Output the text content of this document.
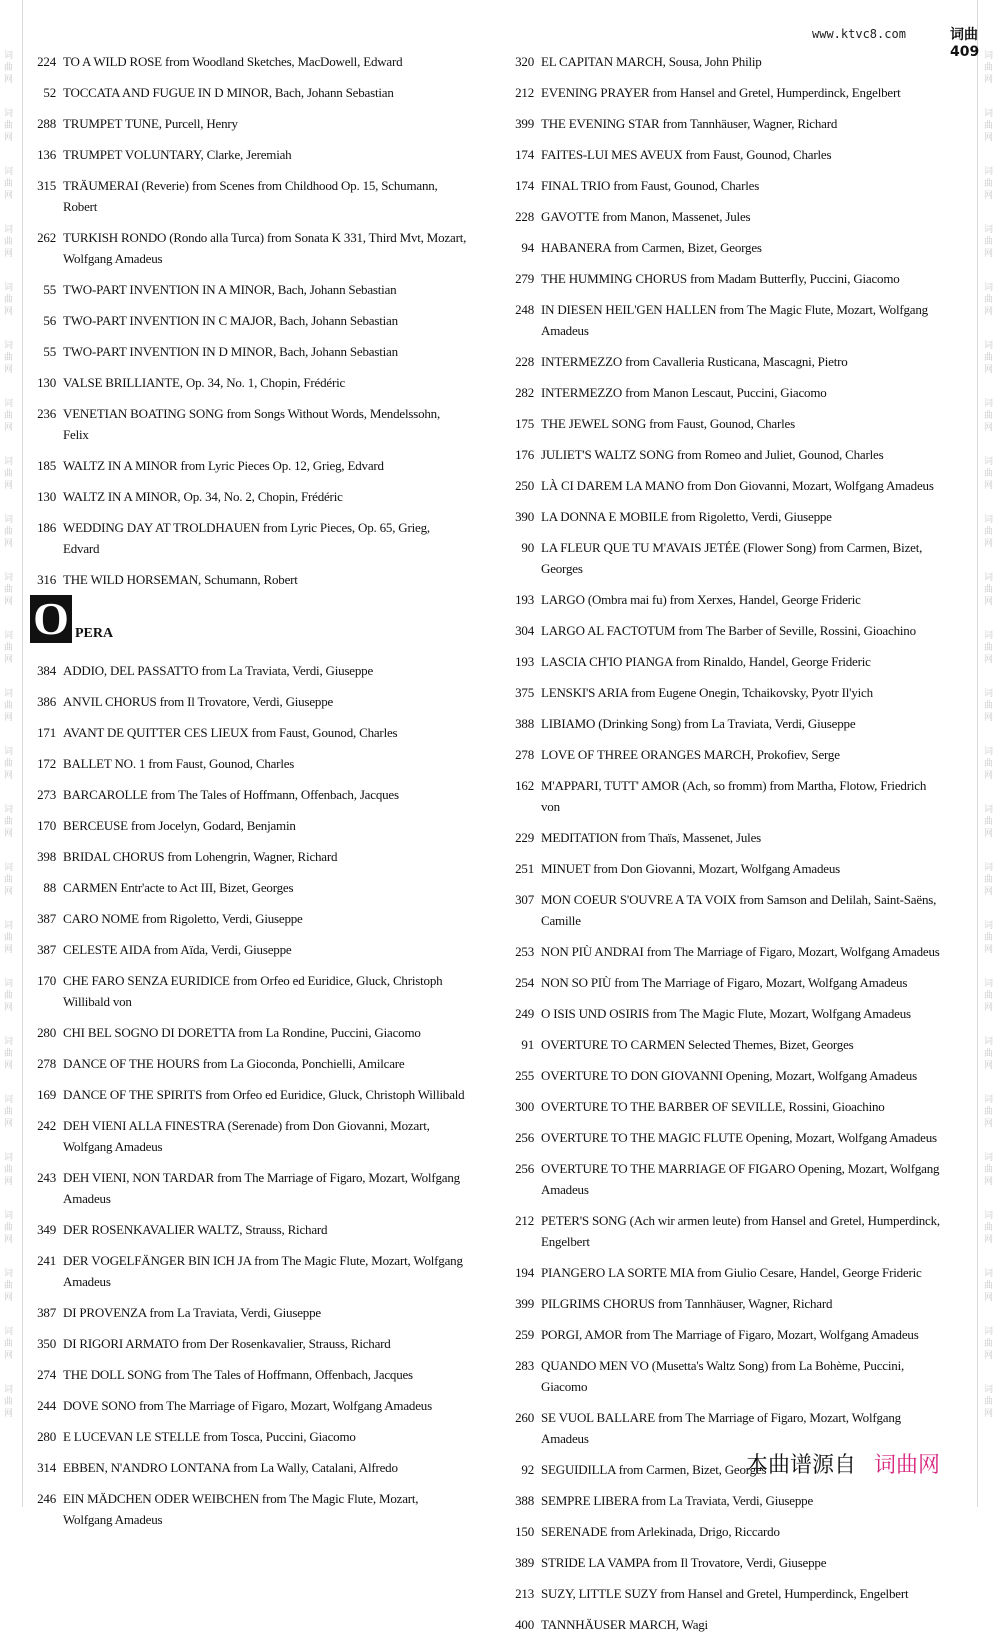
词曲网
词曲网
词曲网
词曲网
词曲网
词曲网
词曲网
词曲网
词曲网
词曲网
词曲网
词曲网
词曲网
词曲网
词曲网
词曲网
词曲网
词曲网
词曲网
词曲网
词曲网
词曲网
词曲网
词曲网
词曲网
词曲网
词曲网
词曲网
词曲网
词曲网
词曲网
词曲网
词曲网
词曲网
词曲网
词曲网
词曲网
词曲网
词曲网
词曲网
词曲网
词曲网
词曲网
词曲网
词曲网
词曲网
词曲网
词曲网
www.ktvc8.com	词曲409
224 TO A WILD ROSE from Woodland Sketches, MacDowell, Edward
52 TOCCATA AND FUGUE IN D MINOR, Bach, Johann Sebastian
288 TRUMPET TUNE, Purcell, Henry
136 TRUMPET VOLUNTARY, Clarke, Jeremiah
315 TRÄUMERAI (Reverie) from Scenes from Childhood Op. 15, Schumann, Robert
262 TURKISH RONDO (Rondo alla Turca) from Sonata K 331, Third Mvt, Mozart, Wolfgang Amadeus
55 TWO-PART INVENTION IN A MINOR, Bach, Johann Sebastian
56 TWO-PART INVENTION IN C MAJOR, Bach, Johann Sebastian
55 TWO-PART INVENTION IN D MINOR, Bach, Johann Sebastian
130 VALSE BRILLIANTE, Op. 34, No. 1, Chopin, Frédéric
236 VENETIAN BOATING SONG from Songs Without Words, Mendelssohn, Felix
185 WALTZ IN A MINOR from Lyric Pieces Op. 12, Grieg, Edvard
130 WALTZ IN A MINOR, Op. 34, No. 2, Chopin, Frédéric
186 WEDDING DAY AT TROLDHAUEN from Lyric Pieces, Op. 65, Grieg, Edvard
316 THE WILD HORSEMAN, Schumann, Robert
O PERA
384 ADDIO, DEL PASSATTO from La Traviata, Verdi, Giuseppe
386 ANVIL CHORUS from Il Trovatore, Verdi, Giuseppe
171 AVANT DE QUITTER CES LIEUX from Faust, Gounod, Charles
172 BALLET NO. 1 from Faust, Gounod, Charles
273 BARCAROLLE from The Tales of Hoffmann, Offenbach, Jacques
170 BERCEUSE from Jocelyn, Godard, Benjamin
398 BRIDAL CHORUS from Lohengrin, Wagner, Richard
88 CARMEN Entr'acte to Act III, Bizet, Georges
387 CARO NOME from Rigoletto, Verdi, Giuseppe
387 CELESTE AIDA from Aïda, Verdi, Giuseppe
170 CHE FARO SENZA EURIDICE from Orfeo ed Euridice, Gluck, Christoph Willibald von
280 CHI BEL SOGNO DI DORETTA from La Rondine, Puccini, Giacomo
278 DANCE OF THE HOURS from La Gioconda, Ponchielli, Amilcare
169 DANCE OF THE SPIRITS from Orfeo ed Euridice, Gluck, Christoph Willibald
242 DEH VIENI ALLA FINESTRA (Serenade) from Don Giovanni, Mozart, Wolfgang Amadeus
243 DEH VIENI, NON TARDAR from The Marriage of Figaro, Mozart, Wolfgang Amadeus
349 DER ROSENKAVALIER WALTZ, Strauss, Richard
241 DER VOGELFÄNGER BIN ICH JA from The Magic Flute, Mozart, Wolfgang Amadeus
387 DI PROVENZA from La Traviata, Verdi, Giuseppe
350 DI RIGORI ARMATO from Der Rosenkavalier, Strauss, Richard
274 THE DOLL SONG from The Tales of Hoffmann, Offenbach, Jacques
244 DOVE SONO from The Marriage of Figaro, Mozart, Wolfgang Amadeus
280 E LUCEVAN LE STELLE from Tosca, Puccini, Giacomo
314 EBBEN, N'ANDRO LONTANA from La Wally, Catalani, Alfredo
246 EIN MÄDCHEN ODER WEIBCHEN from The Magic Flute, Mozart, Wolfgang Amadeus
320 EL CAPITAN MARCH, Sousa, John Philip
212 EVENING PRAYER from Hansel and Gretel, Humperdinck, Engelbert
399 THE EVENING STAR from Tannhäuser, Wagner, Richard
174 FAITES-LUI MES AVEUX from Faust, Gounod, Charles
174 FINAL TRIO from Faust, Gounod, Charles
228 GAVOTTE from Manon, Massenet, Jules
94 HABANERA from Carmen, Bizet, Georges
279 THE HUMMING CHORUS from Madam Butterfly, Puccini, Giacomo
248 IN DIESEN HEIL'GEN HALLEN from The Magic Flute, Mozart, Wolfgang Amadeus
228 INTERMEZZO from Cavalleria Rusticana, Mascagni, Pietro
282 INTERMEZZO from Manon Lescaut, Puccini, Giacomo
175 THE JEWEL SONG from Faust, Gounod, Charles
176 JULIET'S WALTZ SONG from Romeo and Juliet, Gounod, Charles
250 LÀ CI DAREM LA MANO from Don Giovanni, Mozart, Wolfgang Amadeus
390 LA DONNA E MOBILE from Rigoletto, Verdi, Giuseppe
90 LA FLEUR QUE TU M'AVAIS JETÉE (Flower Song) from Carmen, Bizet, Georges
193 LARGO (Ombra mai fu) from Xerxes, Handel, George Frideric
304 LARGO AL FACTOTUM from The Barber of Seville, Rossini, Gioachino
193 LASCIA CH'IO PIANGA from Rinaldo, Handel, George Frideric
375 LENSKI'S ARIA from Eugene Onegin, Tchaikovsky, Pyotr Il'yich
388 LIBIAMO (Drinking Song) from La Traviata, Verdi, Giuseppe
278 LOVE OF THREE ORANGES MARCH, Prokofiev, Serge
162 M'APPARI, TUTT' AMOR (Ach, so fromm) from Martha, Flotow, Friedrich von
229 MEDITATION from Thaïs, Massenet, Jules
251 MINUET from Don Giovanni, Mozart, Wolfgang Amadeus
307 MON COEUR S'OUVRE A TA VOIX from Samson and Delilah, Saint-Saëns, Camille
253 NON PIÙ ANDRAI from The Marriage of Figaro, Mozart, Wolfgang Amadeus
254 NON SO PIÙ from The Marriage of Figaro, Mozart, Wolfgang Amadeus
249 O ISIS UND OSIRIS from The Magic Flute, Mozart, Wolfgang Amadeus
91 OVERTURE TO CARMEN Selected Themes, Bizet, Georges
255 OVERTURE TO DON GIOVANNI Opening, Mozart, Wolfgang Amadeus
300 OVERTURE TO THE BARBER OF SEVILLE, Rossini, Gioachino
256 OVERTURE TO THE MAGIC FLUTE Opening, Mozart, Wolfgang Amadeus
256 OVERTURE TO THE MARRIAGE OF FIGARO Opening, Mozart, Wolfgang Amadeus
212 PETER'S SONG (Ach wir armen leute) from Hansel and Gretel, Humperdinck, Engelbert
194 PIANGERO LA SORTE MIA from Giulio Cesare, Handel, George Frideric
399 PILGRIMS CHORUS from Tannhäuser, Wagner, Richard
259 PORGI, AMOR from The Marriage of Figaro, Mozart, Wolfgang Amadeus
283 QUANDO MEN VO (Musetta's Waltz Song) from La Bohème, Puccini, Giacomo
260 SE VUOL BALLARE from The Marriage of Figaro, Mozart, Wolfgang Amadeus
92 SEGUIDILLA from Carmen, Bizet, Georges
388 SEMPRE LIBERA from La Traviata, Verdi, Giuseppe
150 SERENADE from Arlekinada, Drigo, Riccardo
389 STRIDE LA VAMPA from Il Trovatore, Verdi, Giuseppe
213 SUZY, LITTLE SUZY from Hansel and Gretel, Humperdinck, Engelbert
400 TANNHÄUSER MARCH, Wagi
本曲谱源自 词曲网
